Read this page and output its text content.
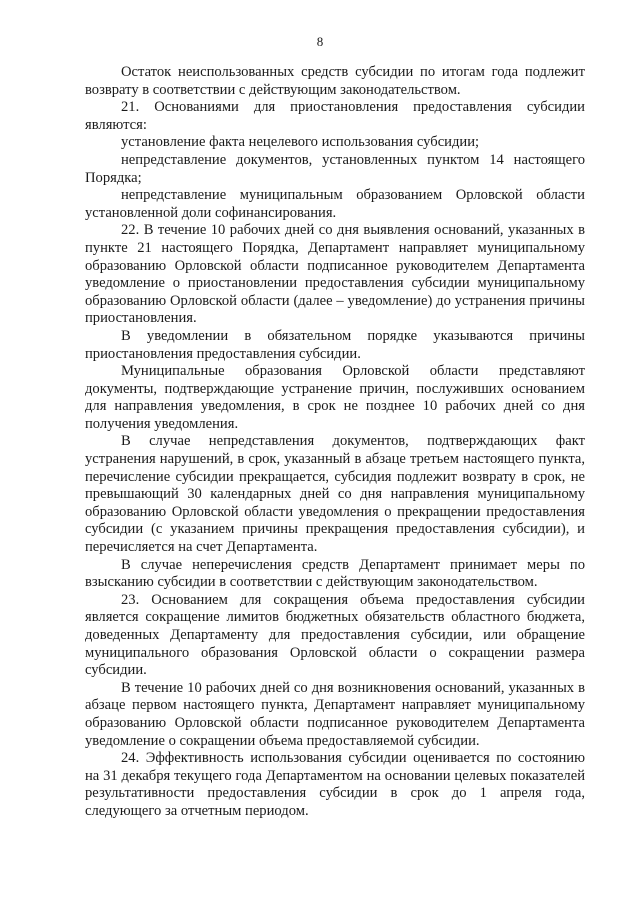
8

Остаток неиспользованных средств субсидии по итогам года подлежит возврату в соответствии с действующим законодательством.

21. Основаниями для приостановления предоставления субсидии являются:

установление факта нецелевого использования субсидии;

непредставление документов, установленных пунктом 14 настоящего Порядка;

непредставление муниципальным образованием Орловской области установленной доли софинансирования.

22. В течение 10 рабочих дней со дня выявления оснований, указанных в пункте 21 настоящего Порядка, Департамент направляет муниципальному образованию Орловской области подписанное руководителем Департамента уведомление о приостановлении предоставления субсидии муниципальному образованию Орловской области (далее – уведомление) до устранения причины приостановления.

В уведомлении в обязательном порядке указываются причины приостановления предоставления субсидии.

Муниципальные образования Орловской области представляют документы, подтверждающие устранение причин, послуживших основанием для направления уведомления, в срок не позднее 10 рабочих дней со дня получения уведомления.

В случае непредставления документов, подтверждающих факт устранения нарушений, в срок, указанный в абзаце третьем настоящего пункта, перечисление субсидии прекращается, субсидия подлежит возврату в срок, не превышающий 30 календарных дней со дня направления муниципальному образованию Орловской области уведомления о прекращении предоставления субсидии (с указанием причины прекращения предоставления субсидии), и перечисляется на счет Департамента.

В случае неперечисления средств Департамент принимает меры по взысканию субсидии в соответствии с действующим законодательством.

23. Основанием для сокращения объема предоставления субсидии является сокращение лимитов бюджетных обязательств областного бюджета, доведенных Департаменту для предоставления субсидии, или обращение муниципального образования Орловской области о сокращении размера субсидии.

В течение 10 рабочих дней со дня возникновения оснований, указанных в абзаце первом настоящего пункта, Департамент направляет муниципальному образованию Орловской области подписанное руководителем Департамента уведомление о сокращении объема предоставляемой субсидии.

24. Эффективность использования субсидии оценивается по состоянию на 31 декабря текущего года Департаментом на основании целевых показателей результативности предоставления субсидии в срок до 1 апреля года, следующего за отчетным периодом.
